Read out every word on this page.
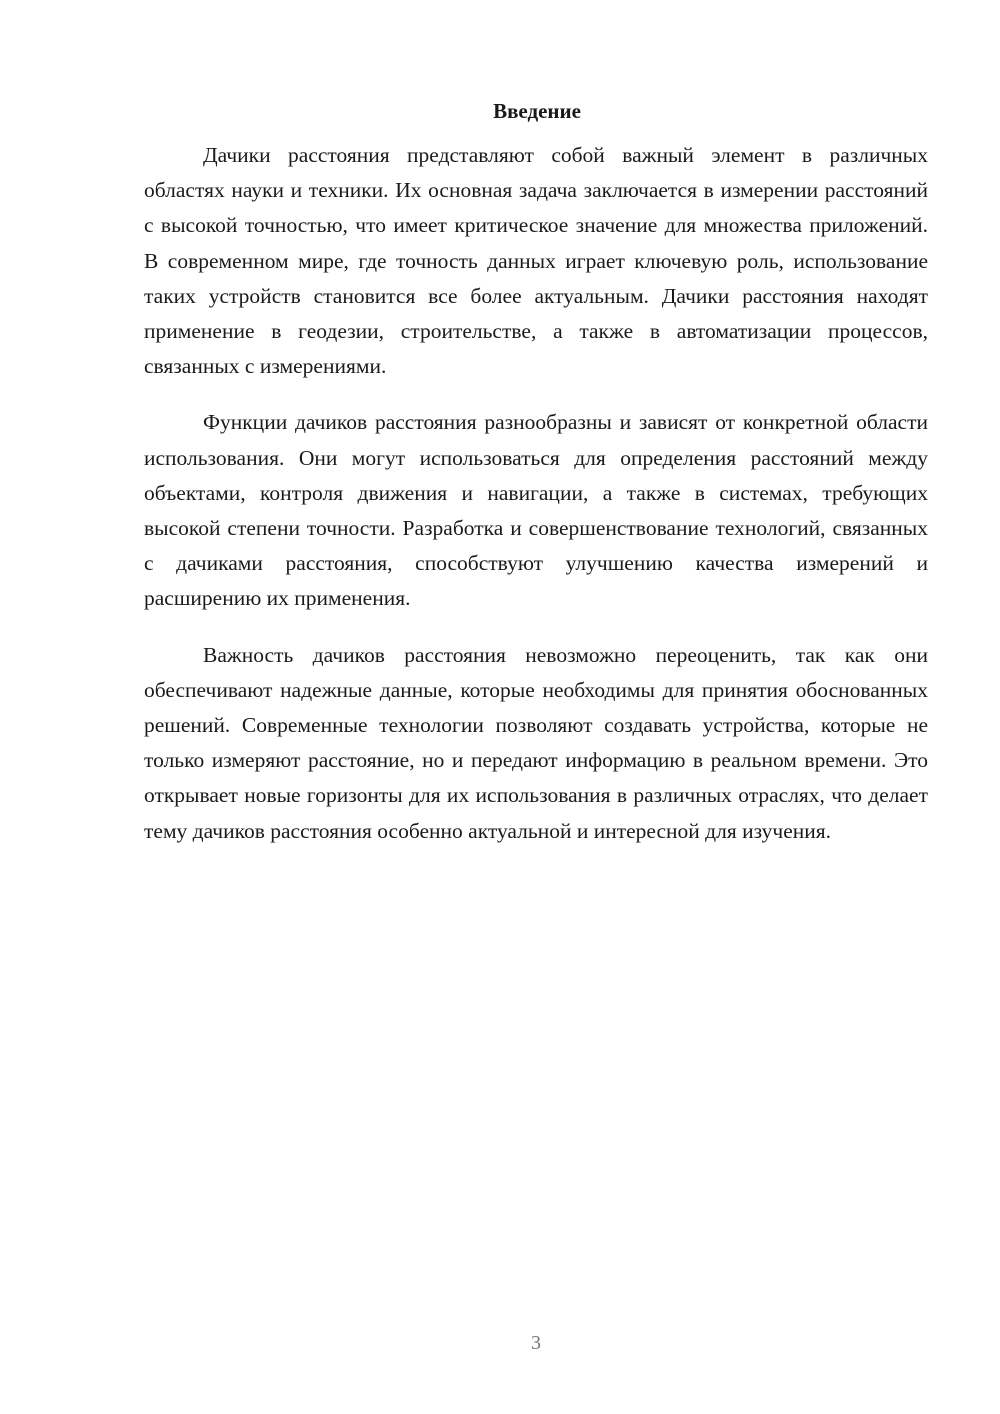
Введение

Дачики расстояния представляют собой важный элемент в различных областях науки и техники. Их основная задача заключается в измерении расстояний с высокой точностью, что имеет критическое значение для множества приложений. В современном мире, где точность данных играет ключевую роль, использование таких устройств становится все более актуальным. Дачики расстояния находят применение в геодезии, строительстве, а также в автоматизации процессов, связанных с измерениями.

Функции дачиков расстояния разнообразны и зависят от конкретной области использования. Они могут использоваться для определения расстояний между объектами, контроля движения и навигации, а также в системах, требующих высокой степени точности. Разработка и совершенствование технологий, связанных с дачиками расстояния, способствуют улучшению качества измерений и расширению их применения.

Важность дачиков расстояния невозможно переоценить, так как они обеспечивают надежные данные, которые необходимы для принятия обоснованных решений. Современные технологии позволяют создавать устройства, которые не только измеряют расстояние, но и передают информацию в реальном времени. Это открывает новые горизонты для их использования в различных отраслях, что делает тему дачиков расстояния особенно актуальной и интересной для изучения.

3
